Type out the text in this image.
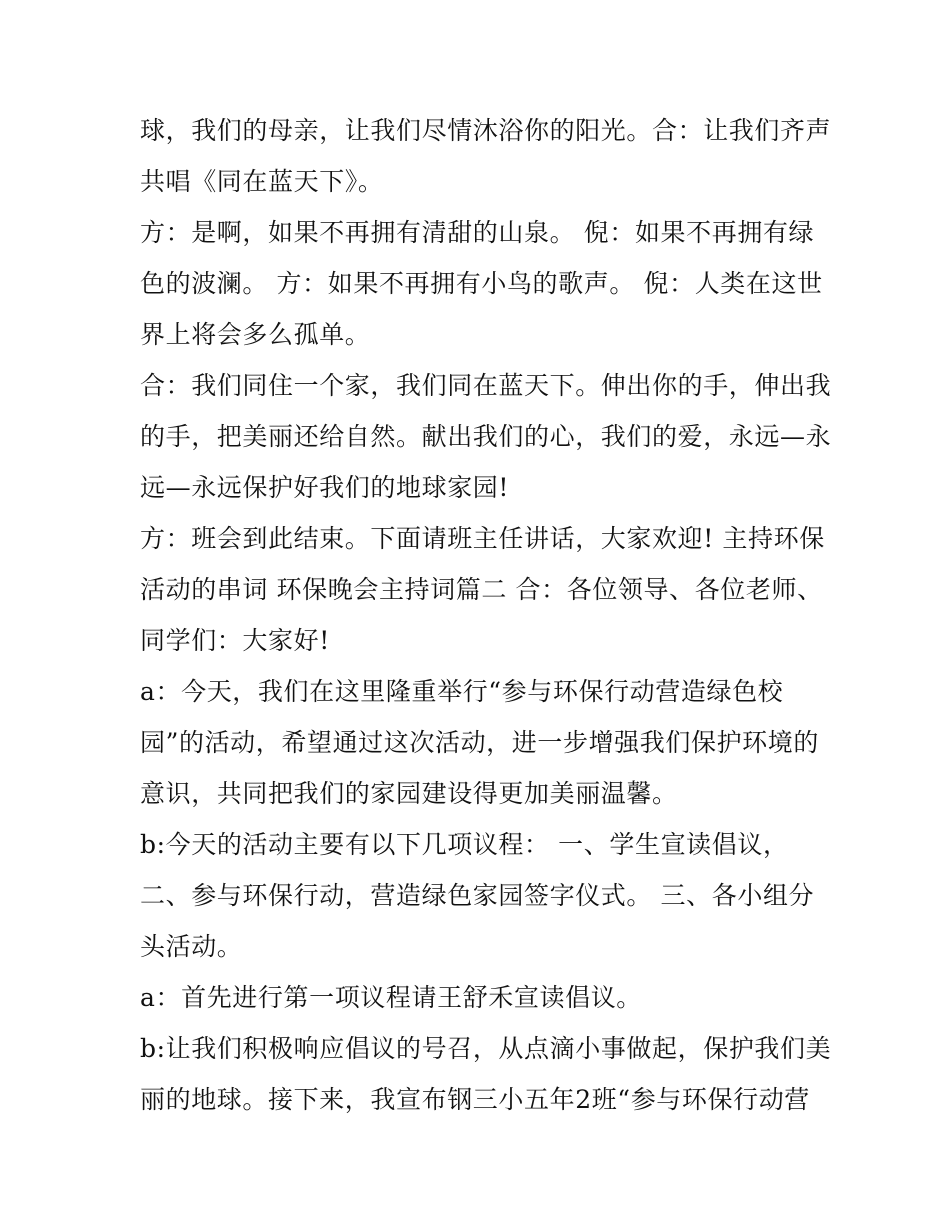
球，我们的母亲，让我们尽情沐浴你的阳光。合：让我们齐声
共唱《同在蓝天下》。
方：是啊，如果不再拥有清甜的山泉。 倪：如果不再拥有绿
色的波澜。 方：如果不再拥有小鸟的歌声。 倪：人类在这世
界上将会多么孤单。
合：我们同住一个家，我们同在蓝天下。伸出你的手，伸出我
的手，把美丽还给自然。献出我们的心，我们的爱，永远—永
远—永远保护好我们的地球家园!
方：班会到此结束。下面请班主任讲话，大家欢迎! 主持环保
活动的串词 环保晚会主持词篇二 合：各位领导、各位老师、
同学们：大家好!
a：今天，我们在这里隆重举行“参与环保行动营造绿色校
园”的活动，希望通过这次活动，进一步增强我们保护环境的
意识，共同把我们的家园建设得更加美丽温馨。
b:今天的活动主要有以下几项议程： 一、学生宣读倡议，
二、参与环保行动，营造绿色家园签字仪式。 三、各小组分
头活动。
a：首先进行第一项议程请王舒禾宣读倡议。
b:让我们积极响应倡议的号召，从点滴小事做起，保护我们美
丽的地球。接下来，我宣布钢三小五年2班“参与环保行动营
